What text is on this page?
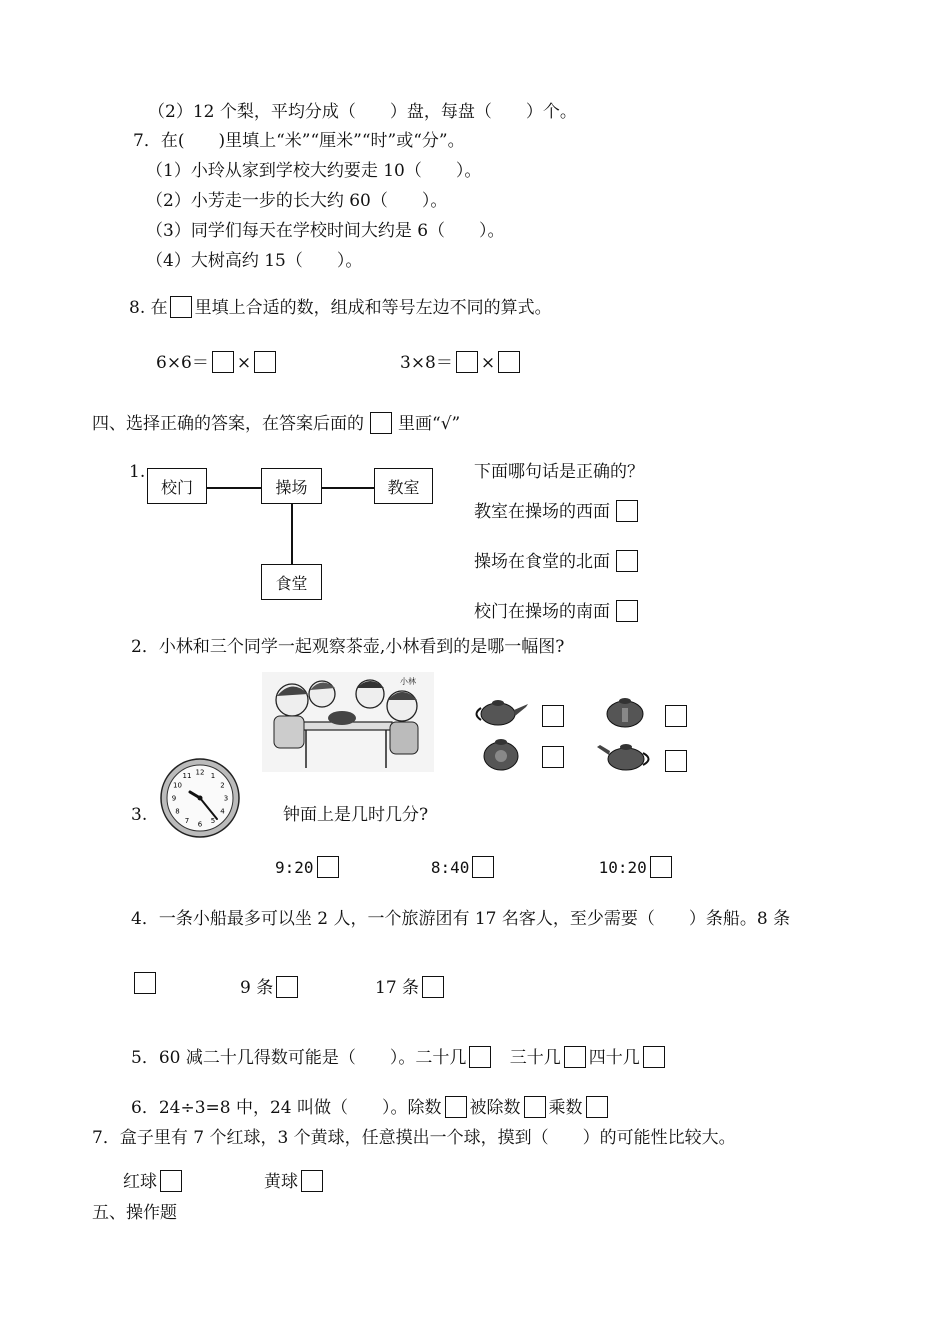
（2）12 个梨，平均分成（　　）盘，每盘（　　）个。
7．在(　　)里填上“米”“厘米”“时”或“分”。
（1）小玲从家到学校大约要走 10（　　）。
（2）小芳走一步的长大约 60（　　）。
（3）同学们每天在学校时间大约是 6（　　）。
（4）大树高约 15（　　）。
8. 在 里填上合适的数，组成和等号左边不同的算式。
6×6＝ ×	3×8＝ ×
四、选择正确的答案，在答案后面的 里画“√”
1.
校门	操场	教室
食堂
下面哪句话是正确的？
教室在操场的西面
操场在食堂的北面
校门在操场的南面
2．小林和三个同学一起观察茶壶,小林看到的是哪一幅图?
小林
3.
12 1
2
3
4
5
6
7
8
9
10
11
钟面上是几时几分?
9:20	8:40	10:20
4．一条小船最多可以坐 2 人，一个旅游团有 17 名客人，至少需要（　　）条船。8 条
9 条	17 条
5．60 减二十几得数可能是（　　）。二十几	三十几 四十几
6．24÷3=8 中，24 叫做（　　）。除数 被除数 乘数
7．盒子里有 7 个红球，3 个黄球，任意摸出一个球，摸到（　　）的可能性比较大。
红球	黄球
五、操作题
